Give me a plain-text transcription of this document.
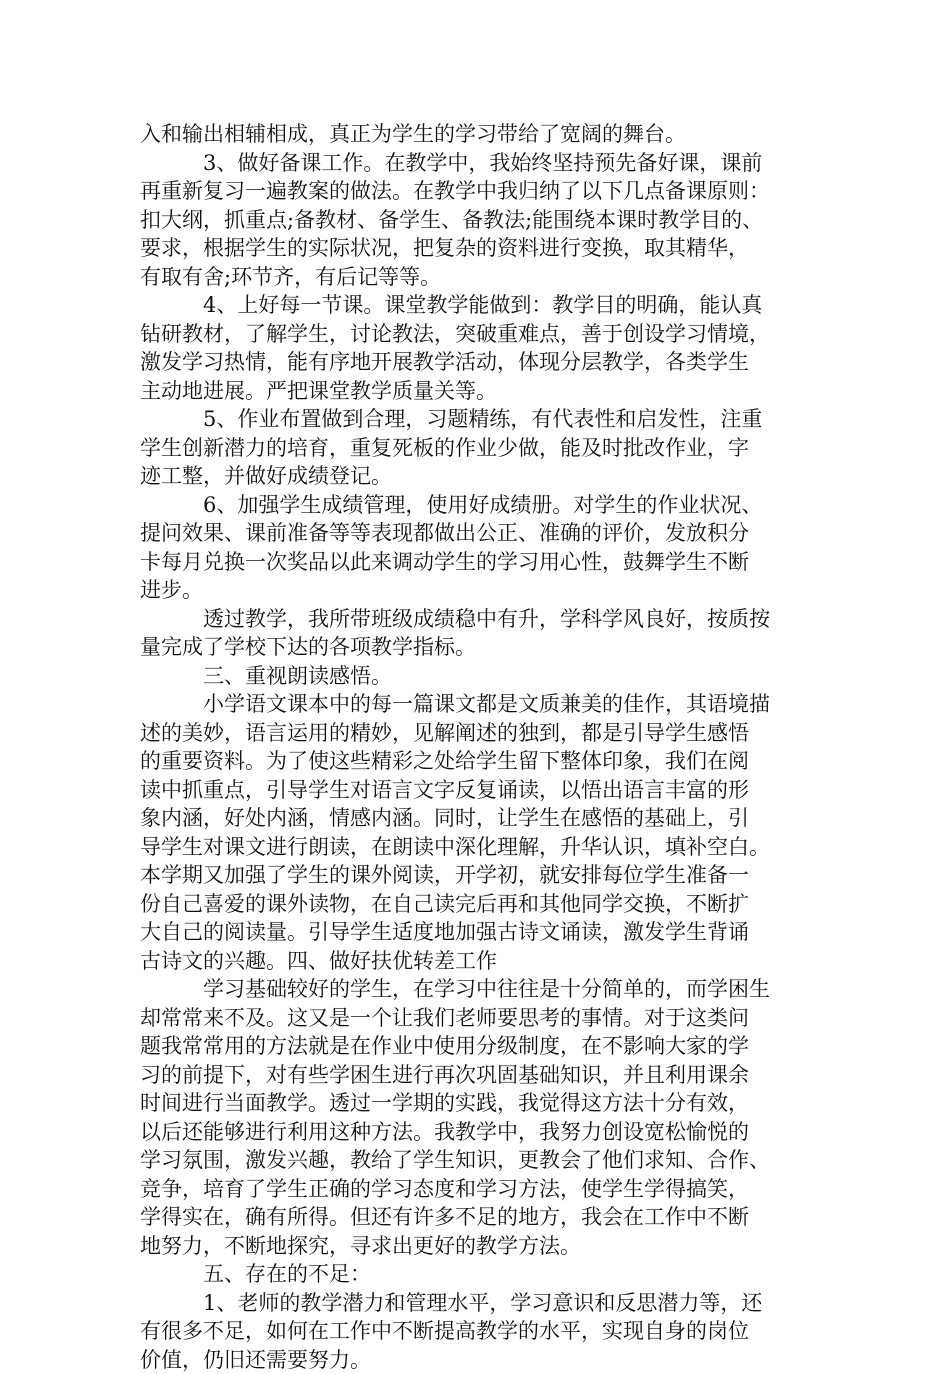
入和输出相辅相成，真正为学生的学习带给了宽阔的舞台。
3、做好备课工作。在教学中，我始终坚持预先备好课，课前
再重新复习一遍教案的做法。在教学中我归纳了以下几点备课原则：
扣大纲，抓重点;备教材、备学生、备教法;能围绕本课时教学目的、
要求，根据学生的实际状况，把复杂的资料进行变换，取其精华，
有取有舍;环节齐，有后记等等。
4、上好每一节课。课堂教学能做到：教学目的明确，能认真
钻研教材，了解学生，讨论教法，突破重难点，善于创设学习情境，
激发学习热情，能有序地开展教学活动，体现分层教学，各类学生
主动地进展。严把课堂教学质量关等。
5、作业布置做到合理，习题精练，有代表性和启发性，注重
学生创新潜力的培育，重复死板的作业少做，能及时批改作业，字
迹工整，并做好成绩登记。
6、加强学生成绩管理，使用好成绩册。对学生的作业状况、
提问效果、课前准备等等表现都做出公正、准确的评价，发放积分
卡每月兑换一次奖品以此来调动学生的学习用心性，鼓舞学生不断
进步。
透过教学，我所带班级成绩稳中有升，学科学风良好，按质按
量完成了学校下达的各项教学指标。
三、重视朗读感悟。
小学语文课本中的每一篇课文都是文质兼美的佳作，其语境描
述的美妙，语言运用的精妙，见解阐述的独到，都是引导学生感悟
的重要资料。为了使这些精彩之处给学生留下整体印象，我们在阅
读中抓重点，引导学生对语言文字反复诵读，以悟出语言丰富的形
象内涵，好处内涵，情感内涵。同时，让学生在感悟的基础上，引
导学生对课文进行朗读，在朗读中深化理解，升华认识，填补空白。
本学期又加强了学生的课外阅读，开学初，就安排每位学生准备一
份自己喜爱的课外读物，在自己读完后再和其他同学交换，不断扩
大自己的阅读量。引导学生适度地加强古诗文诵读，激发学生背诵
古诗文的兴趣。四、做好扶优转差工作
学习基础较好的学生，在学习中往往是十分简单的，而学困生
却常常来不及。这又是一个让我们老师要思考的事情。对于这类问
题我常常用的方法就是在作业中使用分级制度，在不影响大家的学
习的前提下，对有些学困生进行再次巩固基础知识，并且利用课余
时间进行当面教学。透过一学期的实践，我觉得这方法十分有效，
以后还能够进行利用这种方法。我教学中，我努力创设宽松愉悦的
学习氛围，激发兴趣，教给了学生知识，更教会了他们求知、合作、
竞争，培育了学生正确的学习态度和学习方法，使学生学得搞笑，
学得实在，确有所得。但还有许多不足的地方，我会在工作中不断
地努力，不断地探究，寻求出更好的教学方法。
五、存在的不足：
1、老师的教学潜力和管理水平，学习意识和反思潜力等，还
有很多不足，如何在工作中不断提高教学的水平，实现自身的岗位
价值，仍旧还需要努力。
